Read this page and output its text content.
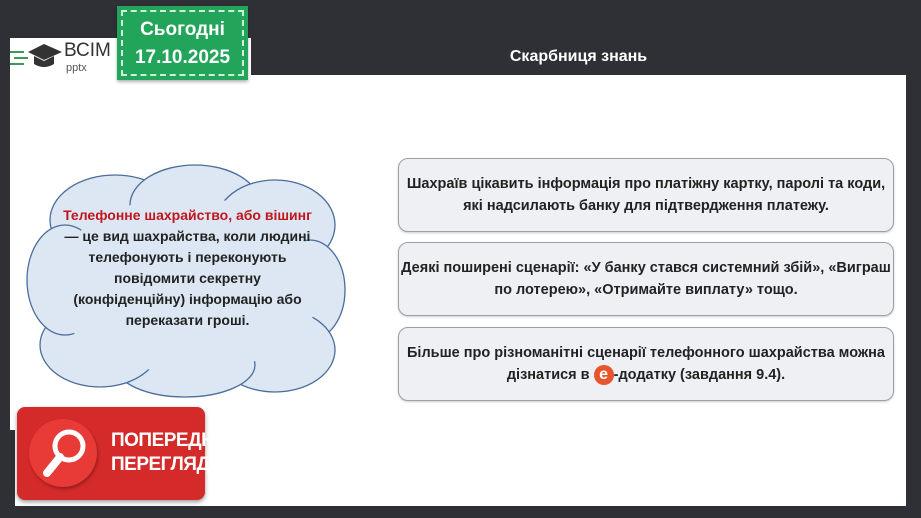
ВСІМ
pptx
Сьогодні
17.10.2025	Скарбниця знань
Телефонне шахрайство, або вішинг — це вид шахрайства, коли людині телефонують і переконують повідомити секретну (конфіденційну) інформацію або переказати гроші.
Шахраїв цікавить інформація про платіжну картку, паролі та коди, які надсилають банку для підтвердження платежу.
Деякі поширені сценарії: «У банку стався системний збій», «Виграш по лотерею», «Отримайте виплату» тощо.
Більше про різноманітні сценарії телефонного шахрайства можна дізнатися в e -додатку (завдання 9.4).
ПОПЕРЕДНІЙ
ПЕРЕГЛЯД
